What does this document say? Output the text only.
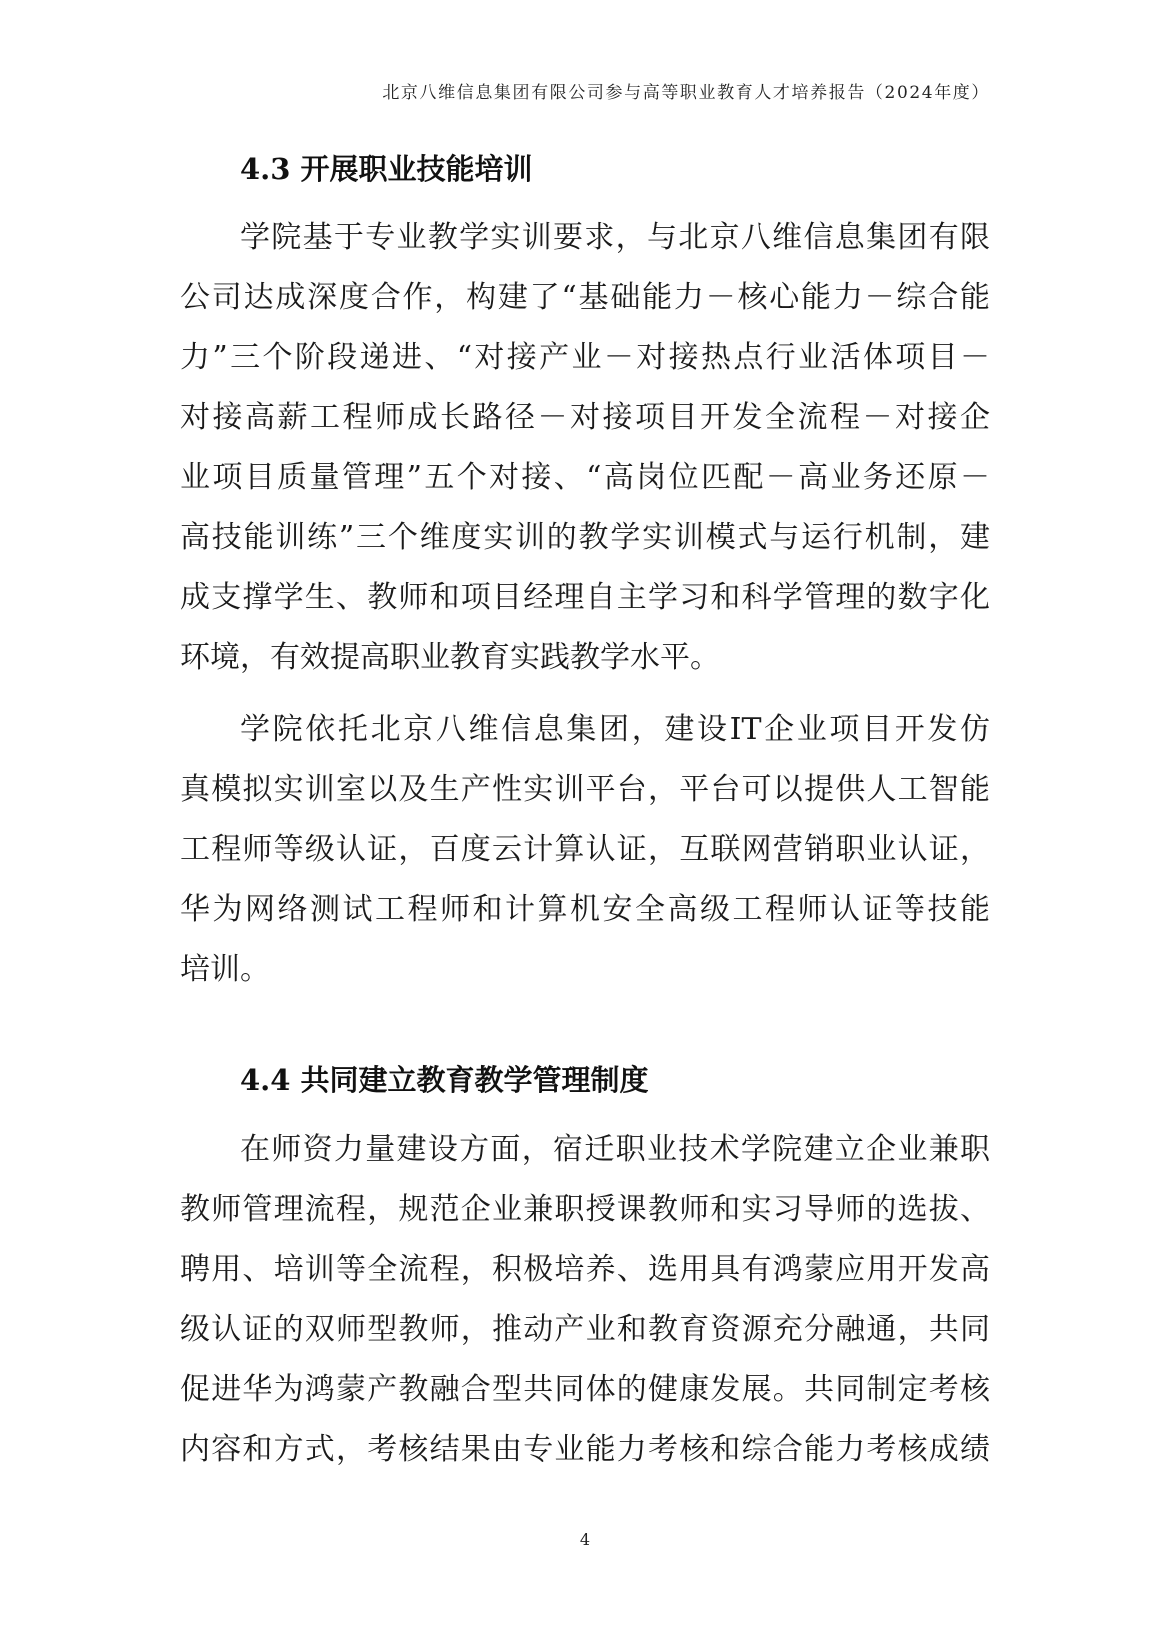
北京八维信息集团有限公司参与高等职业教育人才培养报告（2024年度）
4.3 开展职业技能培训
学院基于专业教学实训要求，与北京八维信息集团有限
公司达成深度合作，构建了“基础能力－核心能力－综合能
力”三个阶段递进、“对接产业－对接热点行业活体项目－
对接高薪工程师成长路径－对接项目开发全流程－对接企
业项目质量管理”五个对接、“高岗位匹配－高业务还原－
高技能训练”三个维度实训的教学实训模式与运行机制，建
成支撑学生、教师和项目经理自主学习和科学管理的数字化
环境，有效提高职业教育实践教学水平。
学院依托北京八维信息集团，建设IT企业项目开发仿
真模拟实训室以及生产性实训平台，平台可以提供人工智能
工程师等级认证，百度云计算认证，互联网营销职业认证，
华为网络测试工程师和计算机安全高级工程师认证等技能
培训。
4.4 共同建立教育教学管理制度
在师资力量建设方面，宿迁职业技术学院建立企业兼职
教师管理流程，规范企业兼职授课教师和实习导师的选拔、
聘用、培训等全流程，积极培养、选用具有鸿蒙应用开发高
级认证的双师型教师，推动产业和教育资源充分融通，共同
促进华为鸿蒙产教融合型共同体的健康发展。共同制定考核
内容和方式，考核结果由专业能力考核和综合能力考核成绩
4
